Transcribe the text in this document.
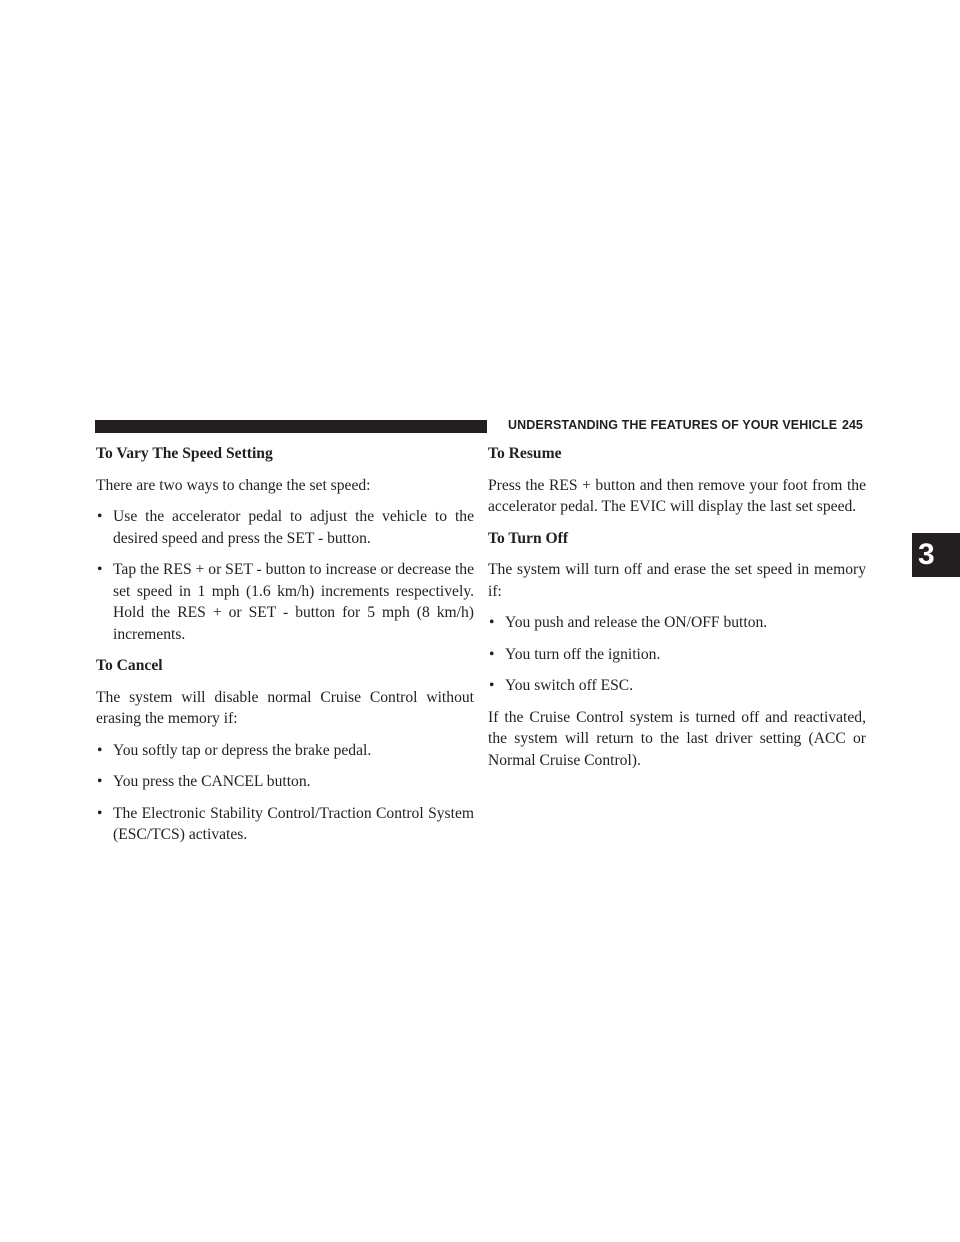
UNDERSTANDING THE FEATURES OF YOUR VEHICLE 245
3
To Vary The Speed Setting

There are two ways to change the set speed:

• Use the accelerator pedal to adjust the vehicle to the desired speed and press the SET - button.
• Tap the RES + or SET - button to increase or decrease the set speed in 1 mph (1.6 km/h) increments respectively. Hold the RES + or SET - button for 5 mph (8 km/h) increments.
To Cancel

The system will disable normal Cruise Control without erasing the memory if:

• You softly tap or depress the brake pedal.
• You press the CANCEL button.
• The Electronic Stability Control/Traction Control System (ESC/TCS) activates.
To Resume

Press the RES + button and then remove your foot from the accelerator pedal. The EVIC will display the last set speed.

To Turn Off

The system will turn off and erase the set speed in memory if:

• You push and release the ON/OFF button.
• You turn off the ignition.
• You switch off ESC.

If the Cruise Control system is turned off and reactivated, the system will return to the last driver setting (ACC or Normal Cruise Control).
